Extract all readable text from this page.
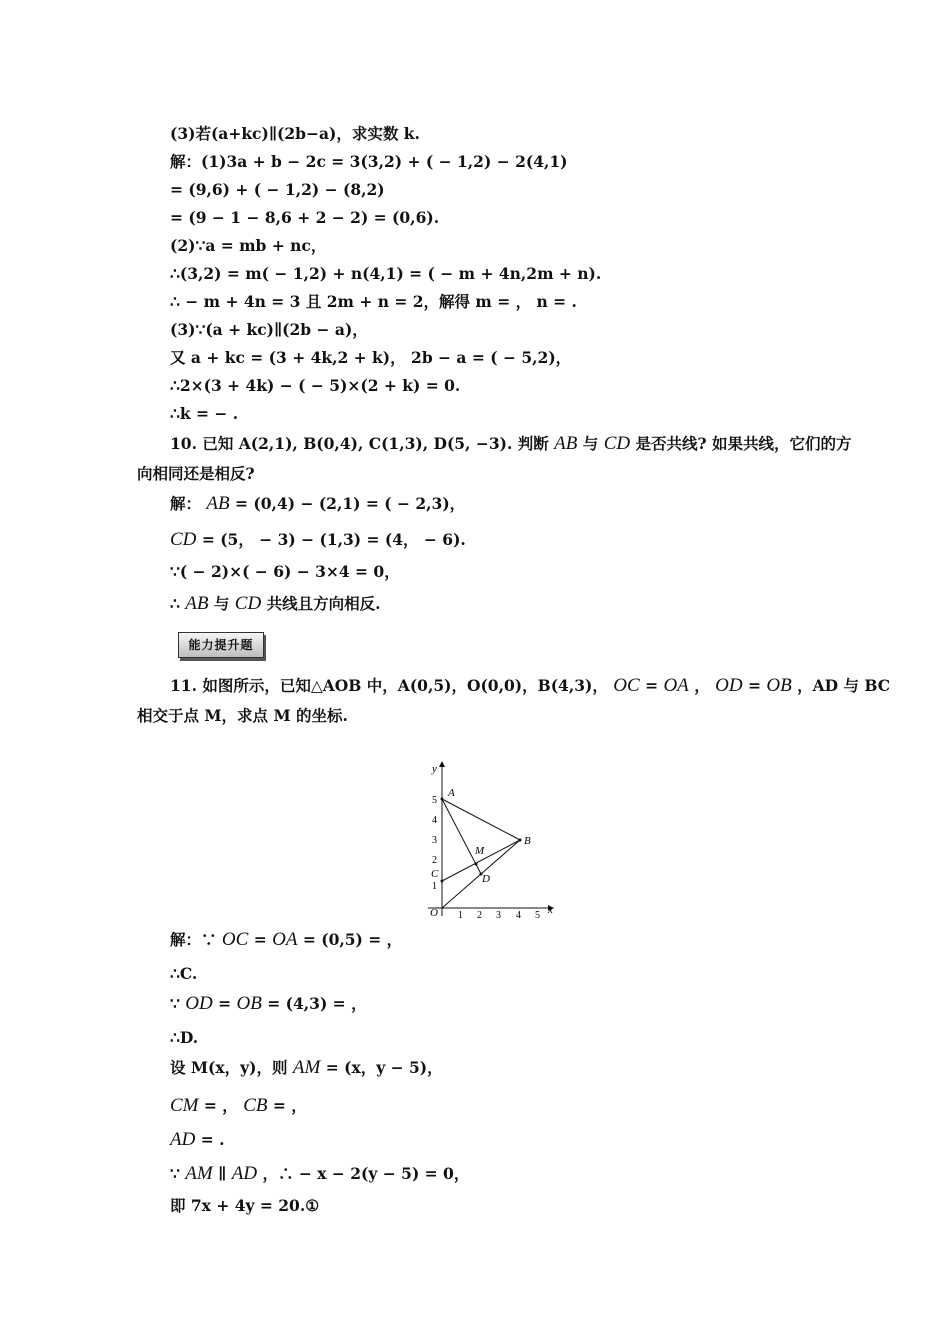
(3)若(a+kc)∥(2b−a)，求实数 k.
解：(1)3a + b − 2c = 3(3,2) + ( − 1,2) − 2(4,1)
= (9,6) + ( − 1,2) − (8,2)
= (9 − 1 − 8,6 + 2 − 2) = (0,6).
(2)∵a = mb + nc，
∴(3,2) = m( − 1,2) + n(4,1) = ( − m + 4n,2m + n).
∴ − m + 4n = 3 且 2m + n = 2，解得 m = ， n = .
(3)∵(a + kc)∥(2b − a)，
又 a + kc = (3 + 4k,2 + k)， 2b − a = ( − 5,2)，
∴2×(3 + 4k) − ( − 5)×(2 + k) = 0.
∴k = − .
10. 已知 A(2,1), B(0,4), C(1,3), D(5, −3). 判断 AB 与 CD 是否共线? 如果共线，它们的方
向相同还是相反?
解： AB = (0,4) − (2,1) = ( − 2,3)，
CD = (5， − 3) − (1,3) = (4， − 6).
∵( − 2)×( − 6) − 3×4 = 0，
∴ AB 与 CD 共线且方向相反.
能力提升题
11. 如图所示，已知△AOB 中，A(0,5)，O(0,0)，B(4,3)， OC = OA ， OD = OB ，AD 与 BC
相交于点 M，求点 M 的坐标.
x
y
O 1 2 3 4 5
1
2
3
4
5
A
B
C	D
M
解：∵ OC = OA = (0,5) = ，
∴C.
∵ OD = OB = (4,3) = ，
∴D.
设 M(x，y)，则 AM = (x，y − 5)，
CM = ， CB = ，
AD = .
∵ AM ∥ AD ，∴ − x − 2(y − 5) = 0，
即 7x + 4y = 20.①
